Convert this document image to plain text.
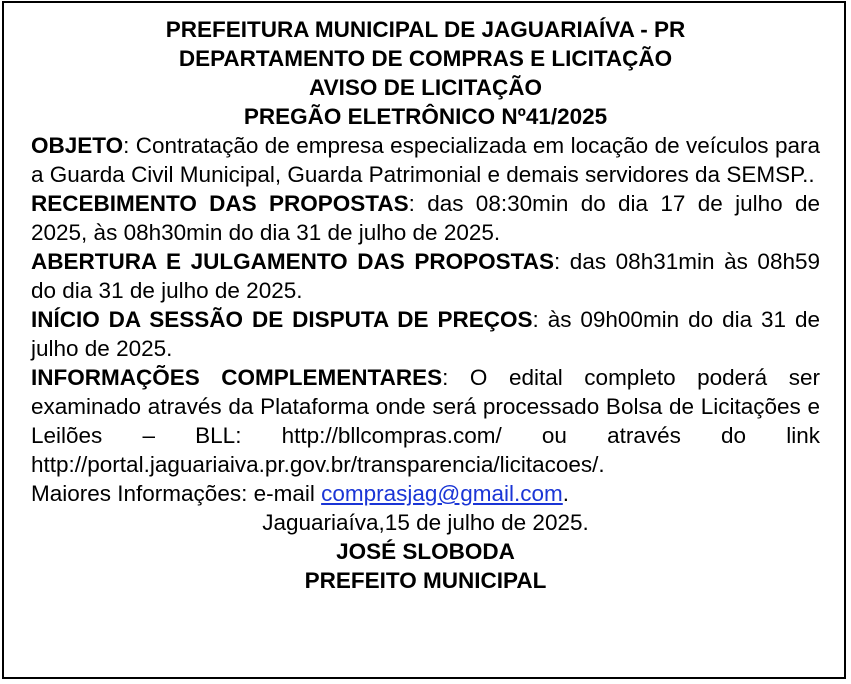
PREFEITURA MUNICIPAL DE JAGUARIAÍVA - PR
DEPARTAMENTO DE COMPRAS E LICITAÇÃO
AVISO DE LICITAÇÃO
PREGÃO ELETRÔNICO Nº41/2025
OBJETO: Contratação de empresa especializada em locação de veículos para a Guarda Civil Municipal, Guarda Patrimonial e demais servidores da SEMSP..
RECEBIMENTO DAS PROPOSTAS: das 08:30min do dia 17 de julho de 2025, às 08h30min do dia 31 de julho de 2025.
ABERTURA E JULGAMENTO DAS PROPOSTAS: das 08h31min às 08h59 do dia 31 de julho de 2025.
INÍCIO DA SESSÃO DE DISPUTA DE PREÇOS: às 09h00min do dia 31 de julho de 2025.
INFORMAÇÕES COMPLEMENTARES: O edital completo poderá ser examinado através da Plataforma onde será processado Bolsa de Licitações e Leilões – BLL: http://bllcompras.com/ ou através do link http://portal.jaguariaiva.pr.gov.br/transparencia/licitacoes/.
Maiores Informações: e-mail comprasjag@gmail.com.
Jaguariaíva,15 de julho de 2025.
JOSÉ SLOBODA
PREFEITO MUNICIPAL
